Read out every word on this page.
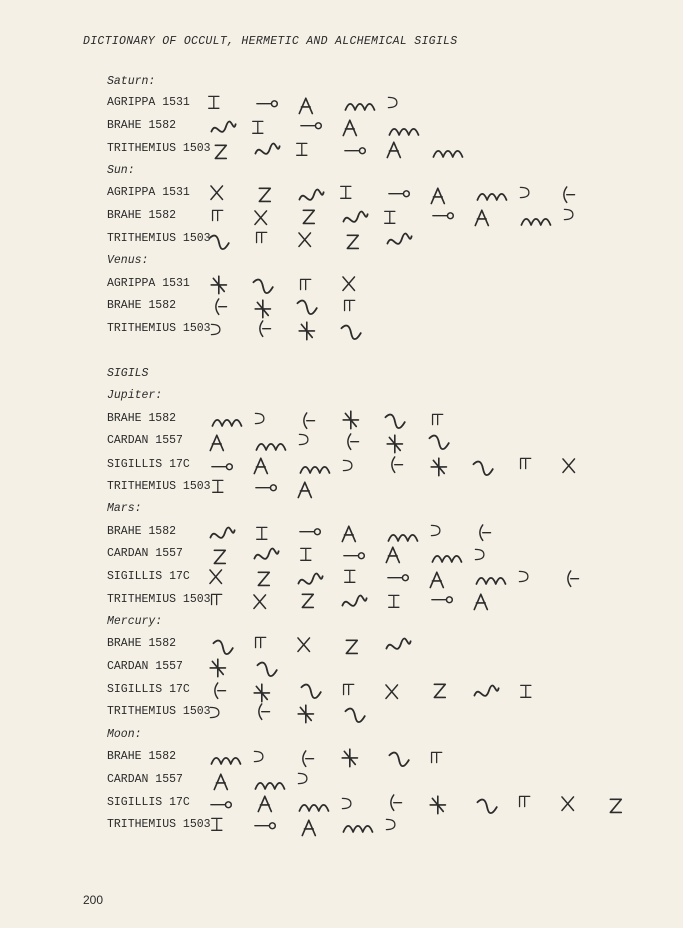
DICTIONARY OF OCCULT, HERMETIC AND ALCHEMICAL SIGILS
Saturn:
AGRIPPA 1531
BRAHE 1582
TRITHEMIUS 1503
Sun:
AGRIPPA 1531
BRAHE 1582
TRITHEMIUS 1503
Venus:
AGRIPPA 1531
BRAHE 1582
TRITHEMIUS 1503
SIGILS
Jupiter:
BRAHE 1582
CARDAN 1557
SIGILLIS 17C
TRITHEMIUS 1503
Mars:
BRAHE 1582
CARDAN 1557
SIGILLIS 17C
TRITHEMIUS 1503
Mercury:
BRAHE 1582
CARDAN 1557
SIGILLIS 17C
TRITHEMIUS 1503
Moon:
BRAHE 1582
CARDAN 1557
SIGILLIS 17C
TRITHEMIUS 1503
200
